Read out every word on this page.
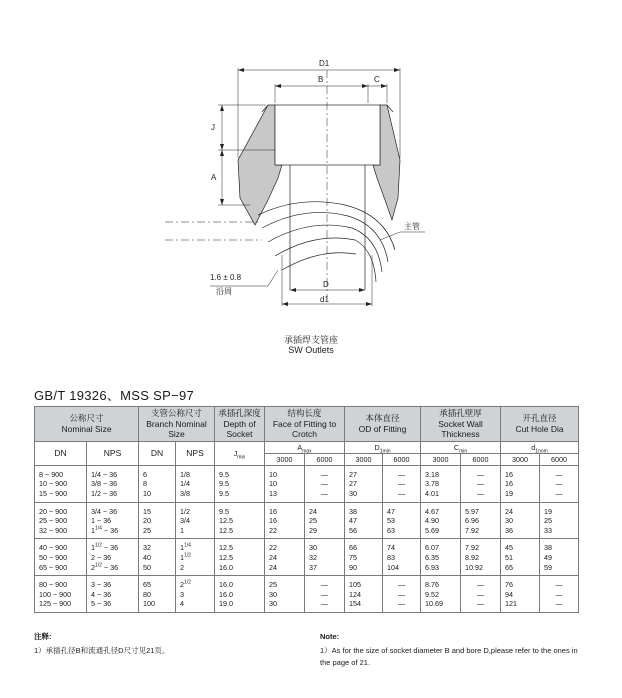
D1
B	C
J
A
主管
1.6 ± 0.8
沿周
D
d1
承插焊支管座
SW Outlets
GB/T 19326、MSS SP−97
公称尺寸
Nominal Size		支管公称尺寸
Branch Nominal Size		承插孔深度
Depth of Socket	结构长度
Face of Fitting to Crotch		本体直径
OD of Fitting		承插孔壁厚
Socket Wall Thickness		开孔直径
Cut Hole Dia	
DN	NPS	DN	NPS	$J_{min}$	$A_{max}$		$D_{1min}$		$C_{min}$		$d_{1nom}$
					3000	6000	3000	6000	3000	6000	3000	6000
8 ~ 900	1/4 ~ 36	6	1/8	9.5	10	—	27	—	3.18	—	16	—
10 ~ 900	3/8 ~ 36	8	1/4	9.5	10	—	27	—	3.78	—	16	—
15 ~ 900	1/2 ~ 36	10	3/8	9.5	13	—	30	—	4.01	—	19	—
20 ~ 900	3/4 ~ 36	15	1/2	9.5	16	24	38	47	4.67	5.97	24	19
25 ~ 900	1 ~ 36	20	3/4	12.5	16	25	47	53	4.90	6.96	30	25
32 ~ 900	$1^{1/4}$ ~ 36	25	1	12.5	22	29	56	63	5.69	7.92	36	33
40 ~ 900	$1^{1/2}$ ~ 36	32	$1^{1/4}$	12.5	22	30	66	74	6.07	7.92	45	38
50 ~ 900	2 ~ 36	40	$1^{1/2}$	12.5	24	32	75	83	6.35	8.92	51	49
65 ~ 900	$2^{1/2}$ ~ 36	50	2	16.0	24	37	90	104	6.93	10.92	65	59
80 ~ 900	3 ~ 36	65	$2^{1/2}$	16.0	25	—	105	—	8.76	—	76	—
100 ~ 900	4 ~ 36	80	3	16.0	30	—	124	—	9.52	—	94	—
125 ~ 900	5 ~ 36	100	4	19.0	30	—	154	—	10.69	—	121	—
注释:
1）承插孔径B和流通孔径D尺寸见21页。
Note:
1）As for the size of socket diameter B and bore D,please refer to the ones in the page of 21.
